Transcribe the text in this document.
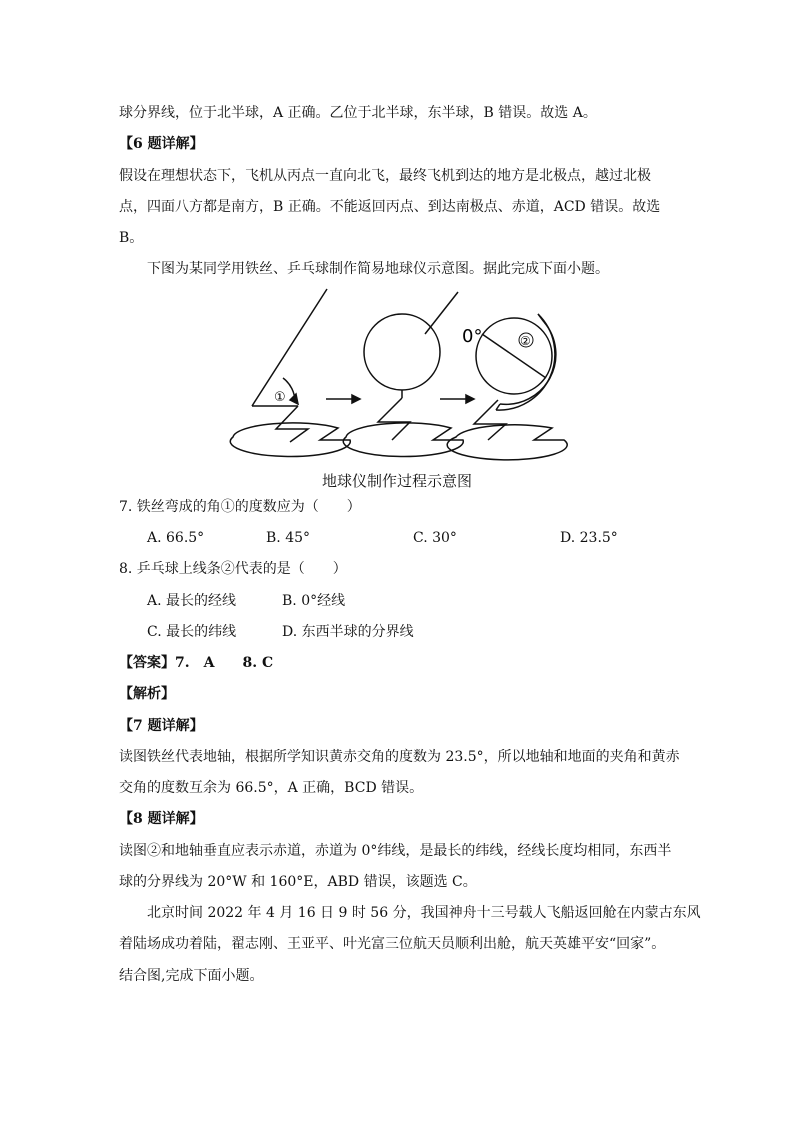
球分界线，位于北半球，A 正确。乙位于北半球，东半球，B 错误。故选 A。
【6 题详解】
假设在理想状态下，飞机从丙点一直向北飞，最终飞机到达的地方是北极点，越过北极
点，四面八方都是南方，B 正确。不能返回丙点、到达南极点、赤道，ACD 错误。故选
B。
下图为某同学用铁丝、乒乓球制作简易地球仪示意图。据此完成下面小题。
①
②
0°
地球仪制作过程示意图
7. 铁丝弯成的角①的度数应为（　　）
A. 66.5°	B. 45°	C. 30°	D. 23.5°
8. 乒乓球上线条②代表的是（　　）
A. 最长的经线	B. 0°经线
C. 最长的纬线	D. 东西半球的分界线
【答案】7.　A　　8. C
【解析】
【7 题详解】
读图铁丝代表地轴，根据所学知识黄赤交角的度数为 23.5°，所以地轴和地面的夹角和黄赤
交角的度数互余为 66.5°，A 正确，BCD 错误。
【8 题详解】
读图②和地轴垂直应表示赤道，赤道为 0°纬线，是最长的纬线，经线长度均相同，东西半
球的分界线为 20°W 和 160°E，ABD 错误，该题选 C。
北京时间 2022 年 4 月 16 日 9 时 56 分，我国神舟十三号载人飞船返回舱在内蒙古东风
着陆场成功着陆，翟志刚、王亚平、叶光富三位航天员顺利出舱，航天英雄平安“回家”。
结合图,完成下面小题。
